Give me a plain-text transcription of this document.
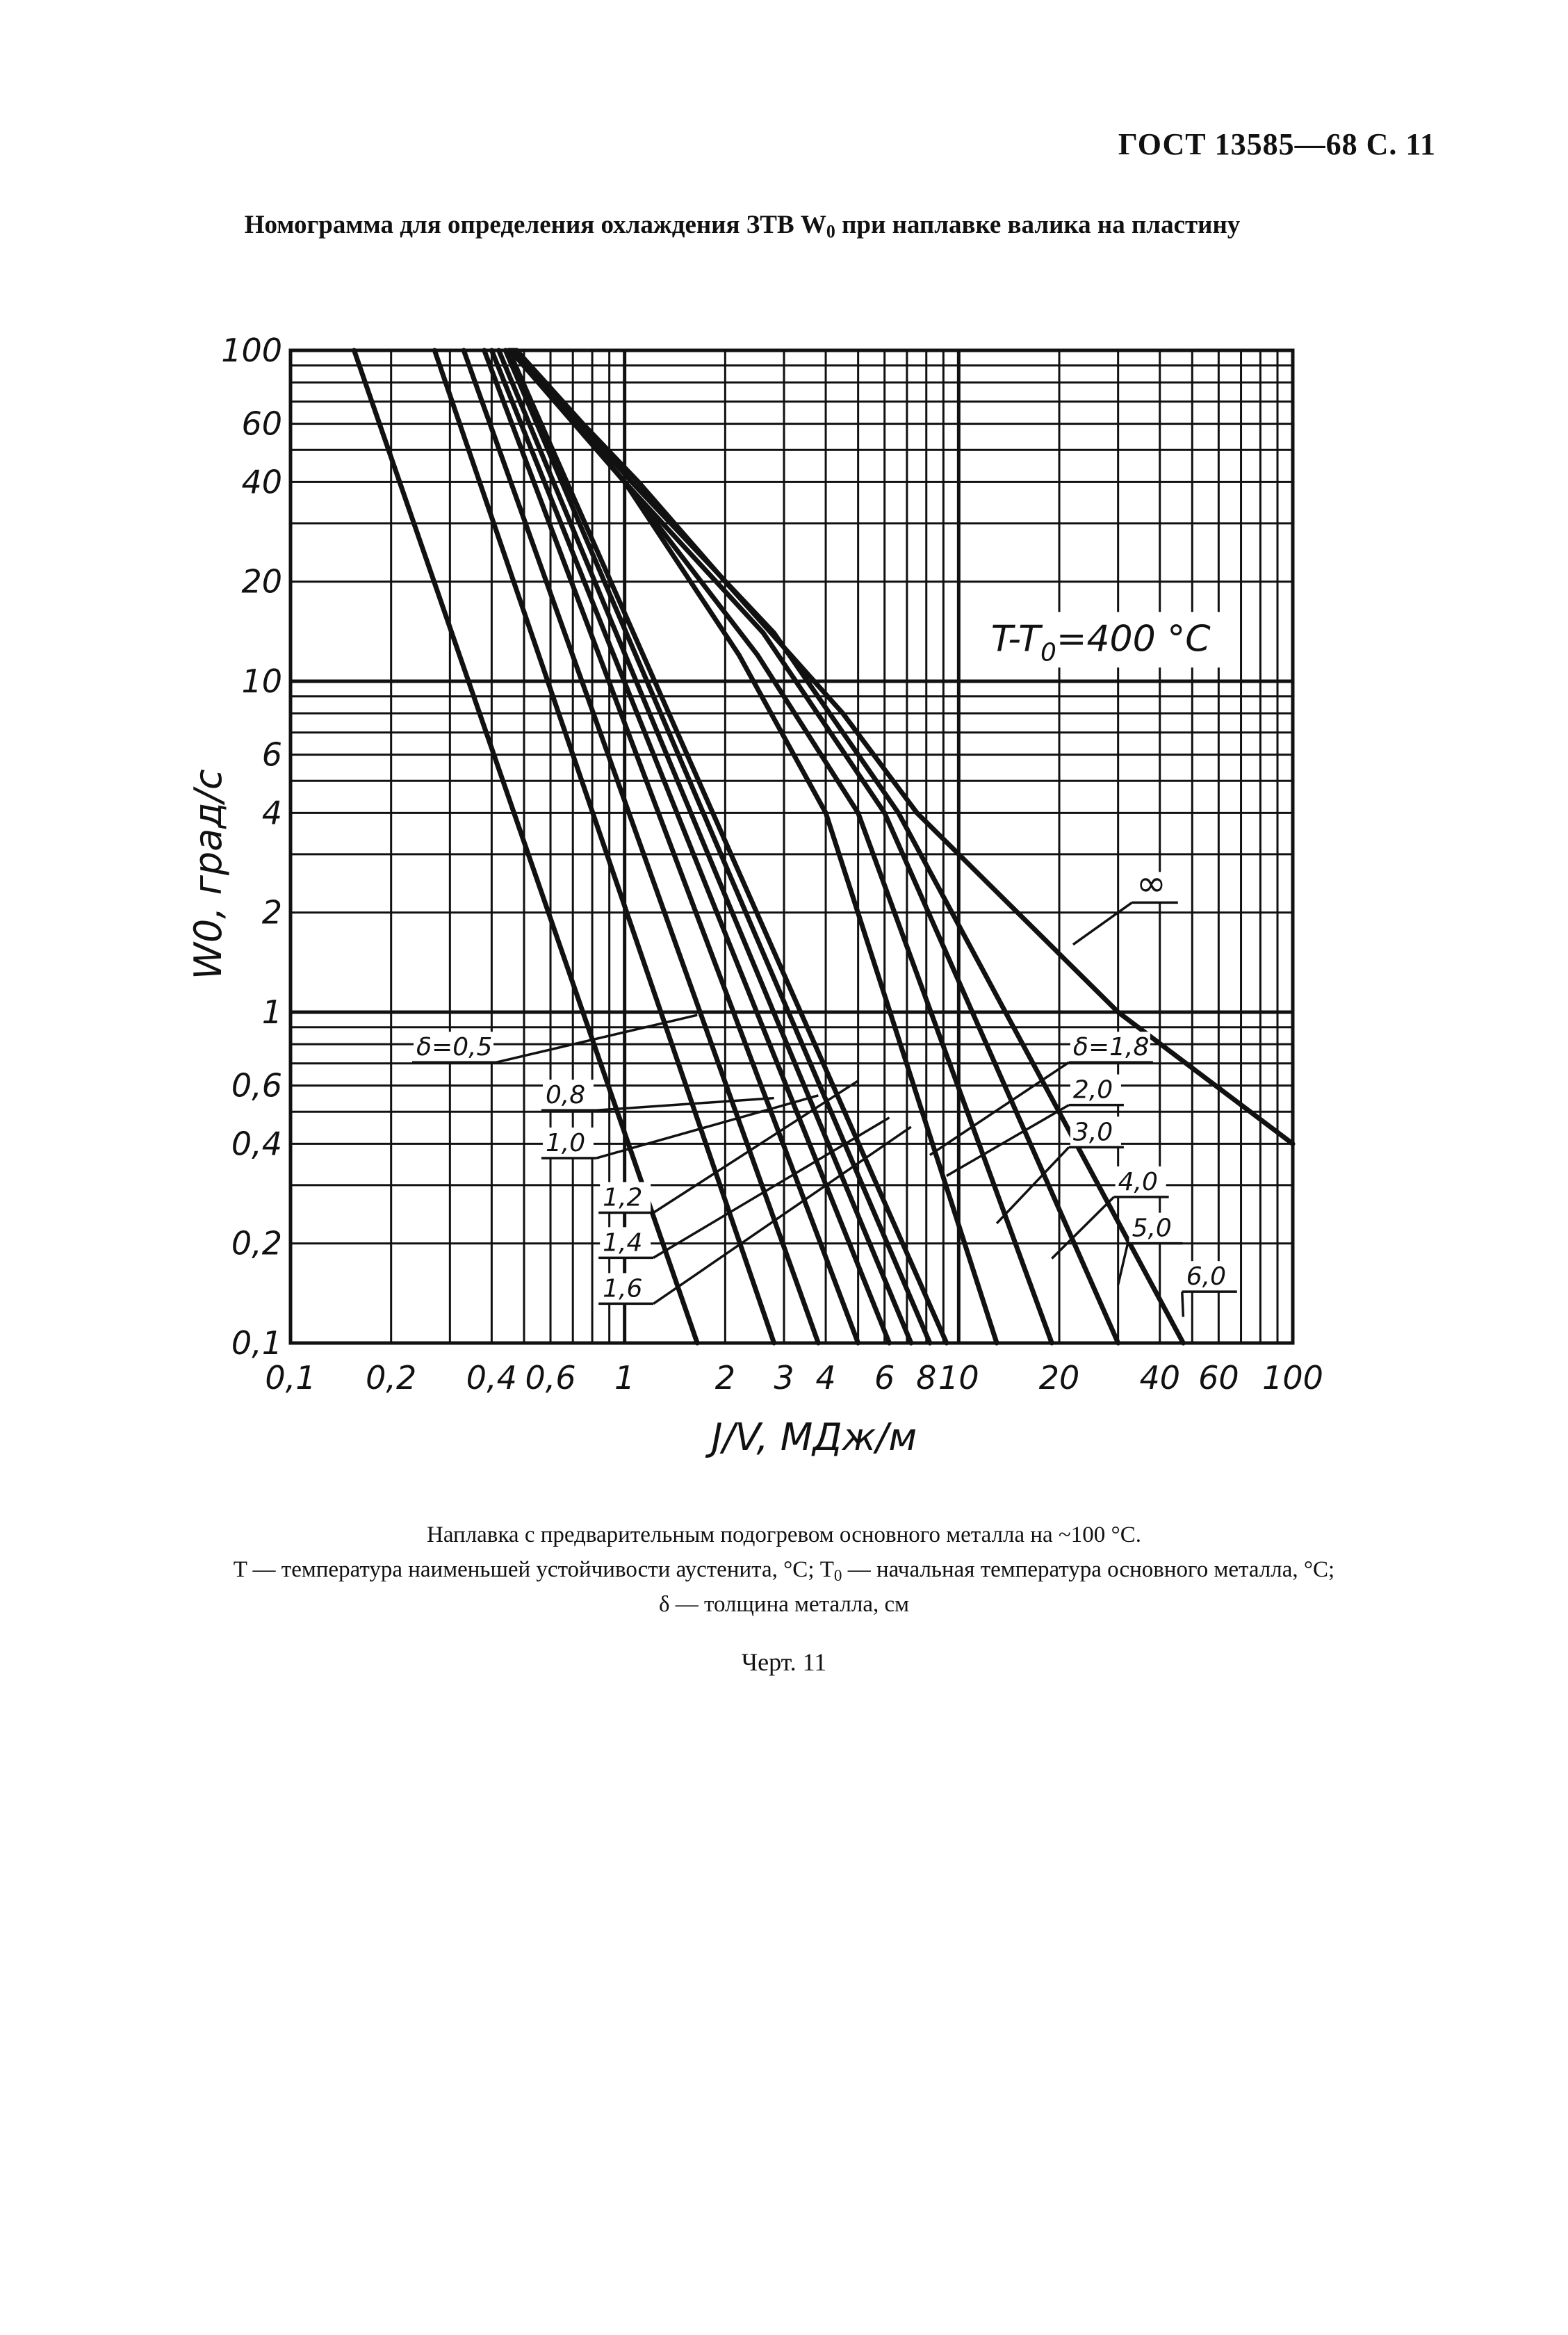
ГОСТ 13585—68 С. 11
Номограмма для определения охлаждения ЗТВ $W_0$ при наплавке валика на пластину
0,1 0,2 0,4 0,6 1	2 3 4 6 8 10 20 40 60 100
0,1
0,2
0,4
0,6
1
2
4
6
10
20
40
60
100
J/V, МДж/м
W0, град/с
$T-T_0=400$ °C
δ=0,5
0,8
1,0
1,2
1,4
1,6
δ=1,8
2,0
3,0
4,0
5,0
6,0
∞
Наплавка с предварительным подогревом основного металла на ~100 °С.
T — температура наименьшей устойчивости аустенита, °С; $T_0$ — начальная температура основного металла, °С;
δ — толщина металла, см
Черт. 11
